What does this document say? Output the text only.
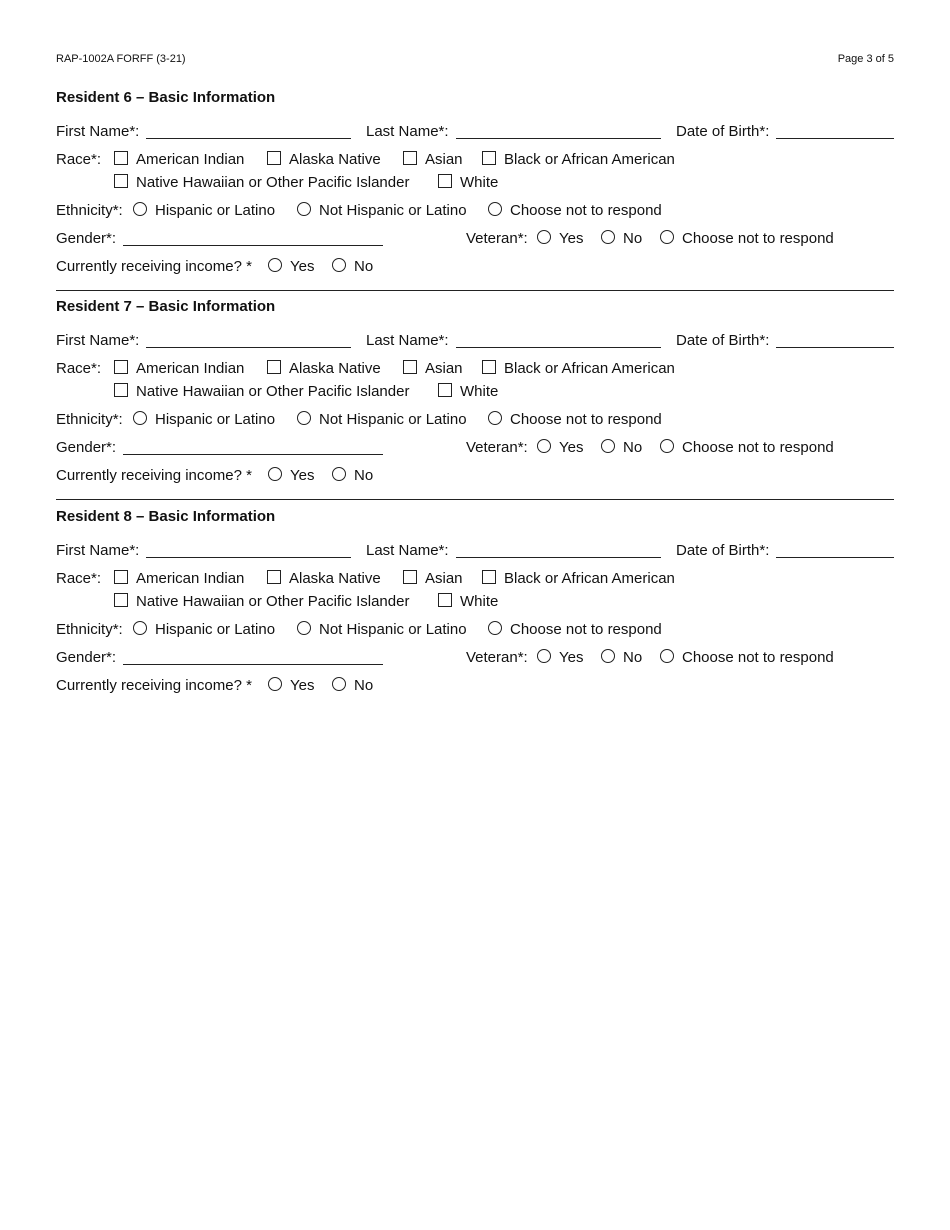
RAP-1002A FORFF (3-21)	Page 3 of 5
Resident 6 – Basic Information
First Name*:	Last Name*:	Date of Birth*:
Race*:	American Indian	Alaska Native	Asian	Black or African American
Native Hawaiian or Other Pacific Islander	White
Ethnicity*:	Hispanic or Latino	Not Hispanic or Latino	Choose not to respond
Gender*:	Veteran*:	Yes	No	Choose not to respond
Currently receiving income? *	Yes	No
Resident 7 – Basic Information
First Name*:	Last Name*:	Date of Birth*:
Race*:	American Indian	Alaska Native	Asian	Black or African American
Native Hawaiian or Other Pacific Islander	White
Ethnicity*:	Hispanic or Latino	Not Hispanic or Latino	Choose not to respond
Gender*:	Veteran*:	Yes	No	Choose not to respond
Currently receiving income? *	Yes	No
Resident 8 – Basic Information
First Name*:	Last Name*:	Date of Birth*:
Race*:	American Indian	Alaska Native	Asian	Black or African American
Native Hawaiian or Other Pacific Islander	White
Ethnicity*:	Hispanic or Latino	Not Hispanic or Latino	Choose not to respond
Gender*:	Veteran*:	Yes	No	Choose not to respond
Currently receiving income? *	Yes	No
